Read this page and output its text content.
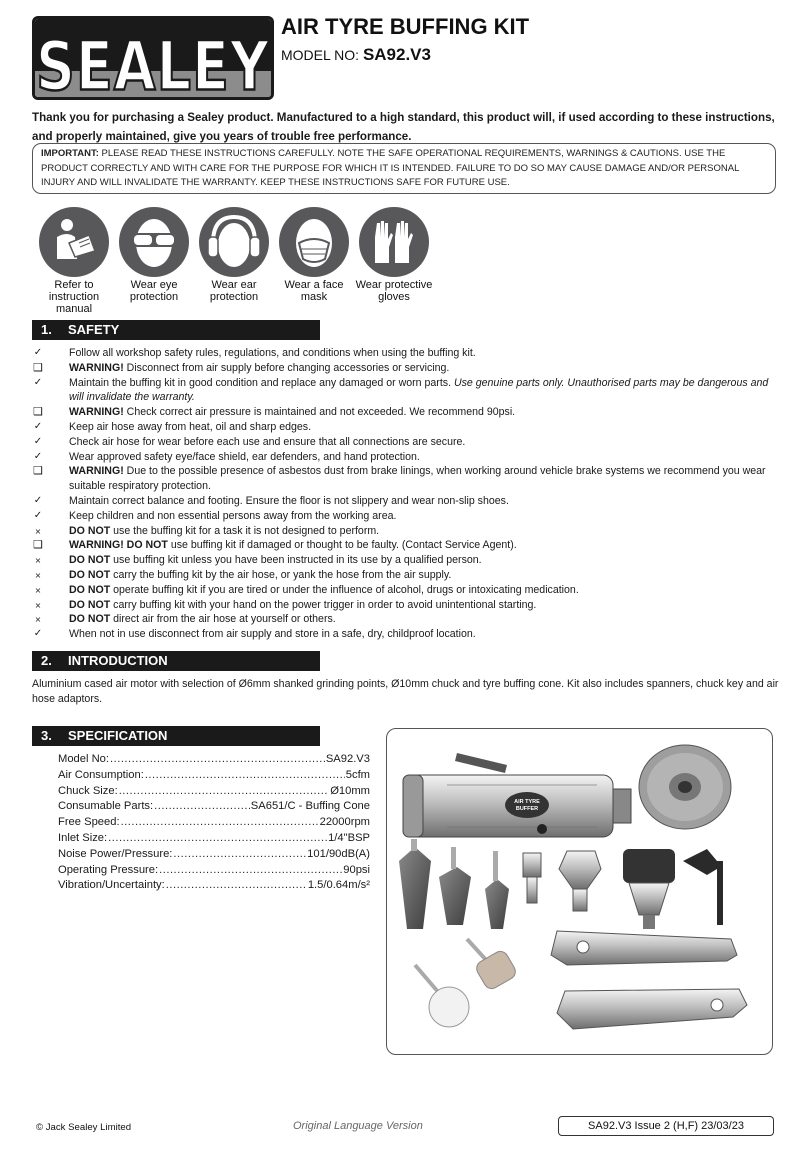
SEALEY
AIR TYRE BUFFING KIT
MODEL NO: SA92.V3
Thank you for purchasing a Sealey product. Manufactured to a high standard, this product will, if used according to these instructions, and properly maintained, give you years of trouble free performance.
IMPORTANT: PLEASE READ THESE INSTRUCTIONS CAREFULLY. NOTE THE SAFE OPERATIONAL REQUIREMENTS, WARNINGS & CAUTIONS. USE THE PRODUCT CORRECTLY AND WITH CARE FOR THE PURPOSE FOR WHICH IT IS INTENDED. FAILURE TO DO SO MAY CAUSE DAMAGE AND/OR PERSONAL INJURY AND WILL INVALIDATE THE WARRANTY. KEEP THESE INSTRUCTIONS SAFE FOR FUTURE USE.
Refer to instruction manual
Wear eye protection
Wear ear protection
Wear a face mask
Wear protective gloves
1. SAFETY
✓	Follow all workshop safety rules, regulations, and conditions when using the buffing kit.
❑ WARNING! Disconnect from air supply before changing accessories or servicing.
✓	Maintain the buffing kit in good condition and replace any damaged or worn parts. Use genuine parts only. Unauthorised parts may be dangerous and will invalidate the warranty.
❑ WARNING! Check correct air pressure is maintained and not exceeded. We recommend 90psi.
✓	Keep air hose away from heat, oil and sharp edges.
✓	Check air hose for wear before each use and ensure that all connections are secure.
✓	Wear approved safety eye/face shield, ear defenders, and hand protection.
❑ WARNING! Due to the possible presence of asbestos dust from brake linings, when working around vehicle brake systems we recommend you wear suitable respiratory protection.
✓	Maintain correct balance and footing. Ensure the floor is not slippery and wear non-slip shoes.
✓	Keep children and non essential persons away from the working area.
×	DO NOT use the buffing kit for a task it is not designed to perform.
❑ WARNING! DO NOT use buffing kit if damaged or thought to be faulty. (Contact Service Agent).
×	DO NOT use buffing kit unless you have been instructed in its use by a qualified person.
×	DO NOT carry the buffing kit by the air hose, or yank the hose from the air supply.
×	DO NOT operate buffing kit if you are tired or under the influence of alcohol, drugs or intoxicating medication.
×	DO NOT carry buffing kit with your hand on the power trigger in order to avoid unintentional starting.
×	DO NOT direct air from the air hose at yourself or others.
✓	When not in use disconnect from air supply and store in a safe, dry, childproof location.
2. INTRODUCTION
Aluminium cased air motor with selection of Ø6mm shanked grinding points, Ø10mm chuck and tyre buffing cone. Kit also includes spanners, chuck key and air hose adaptors.
3. SPECIFICATION
Model No: .....	SA92.V3
Air Consumption: .....	5cfm
Chuck Size: .....	Ø10mm
Consumable Parts: .....	SA651/C - Buffing Cone
Free Speed: .....	22000rpm
Inlet Size: .....	1/4"BSP
Noise Power/Pressure: .....	101/90dB(A)
Operating Pressure: .....	90psi
Vibration/Uncertainty: .....	1.5/0.64m/s²
AIR TYRE
BUFFER
© Jack Sealey Limited	Original Language Version	SA92.V3 Issue 2 (H,F) 23/03/23
